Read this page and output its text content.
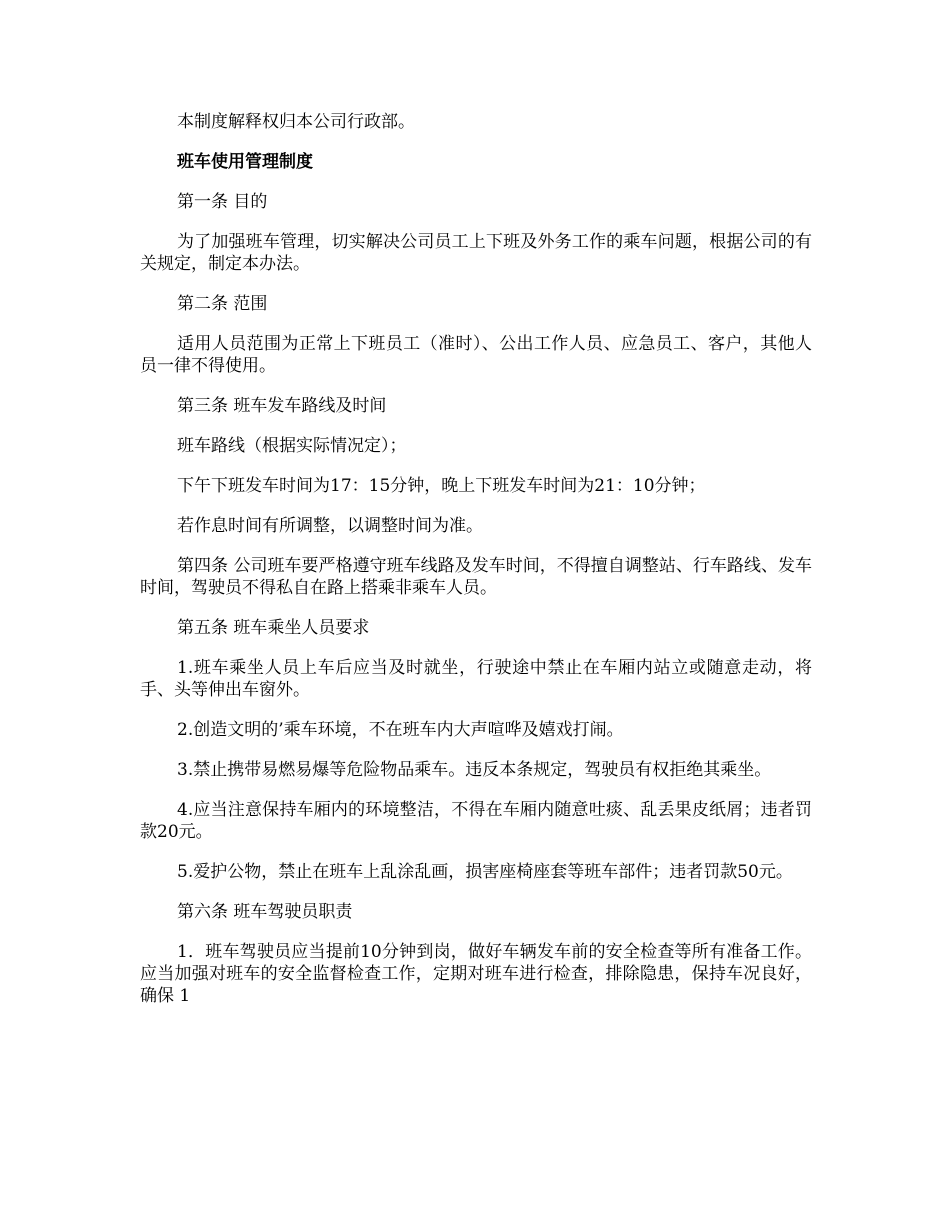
本制度解释权归本公司行政部。

班车使用管理制度

第一条 目的

为了加强班车管理，切实解决公司员工上下班及外务工作的乘车问题，根据公司的有关规定，制定本办法。

第二条 范围

适用人员范围为正常上下班员工（准时）、公出工作人员、应急员工、客户，其他人员一律不得使用。

第三条 班车发车路线及时间

班车路线（根据实际情况定）；

下午下班发车时间为17：15分钟，晚上下班发车时间为21：10分钟；

若作息时间有所调整，以调整时间为准。

第四条 公司班车要严格遵守班车线路及发车时间，不得擅自调整站、行车路线、发车时间，驾驶员不得私自在路上搭乘非乘车人员。

第五条 班车乘坐人员要求

1.班车乘坐人员上车后应当及时就坐，行驶途中禁止在车厢内站立或随意走动，将手、头等伸出车窗外。

2.创造文明的’乘车环境，不在班车内大声喧哗及嬉戏打闹。

3.禁止携带易燃易爆等危险物品乘车。违反本条规定，驾驶员有权拒绝其乘坐。

4.应当注意保持车厢内的环境整洁，不得在车厢内随意吐痰、乱丢果皮纸屑；违者罚款20元。

5.爱护公物，禁止在班车上乱涂乱画，损害座椅座套等班车部件；违者罚款50元。

第六条 班车驾驶员职责

1．班车驾驶员应当提前10分钟到岗，做好车辆发车前的安全检查等所有准备工作。应当加强对班车的安全监督检查工作，定期对班车进行检查，排除隐患，保持车况良好，确保 1
